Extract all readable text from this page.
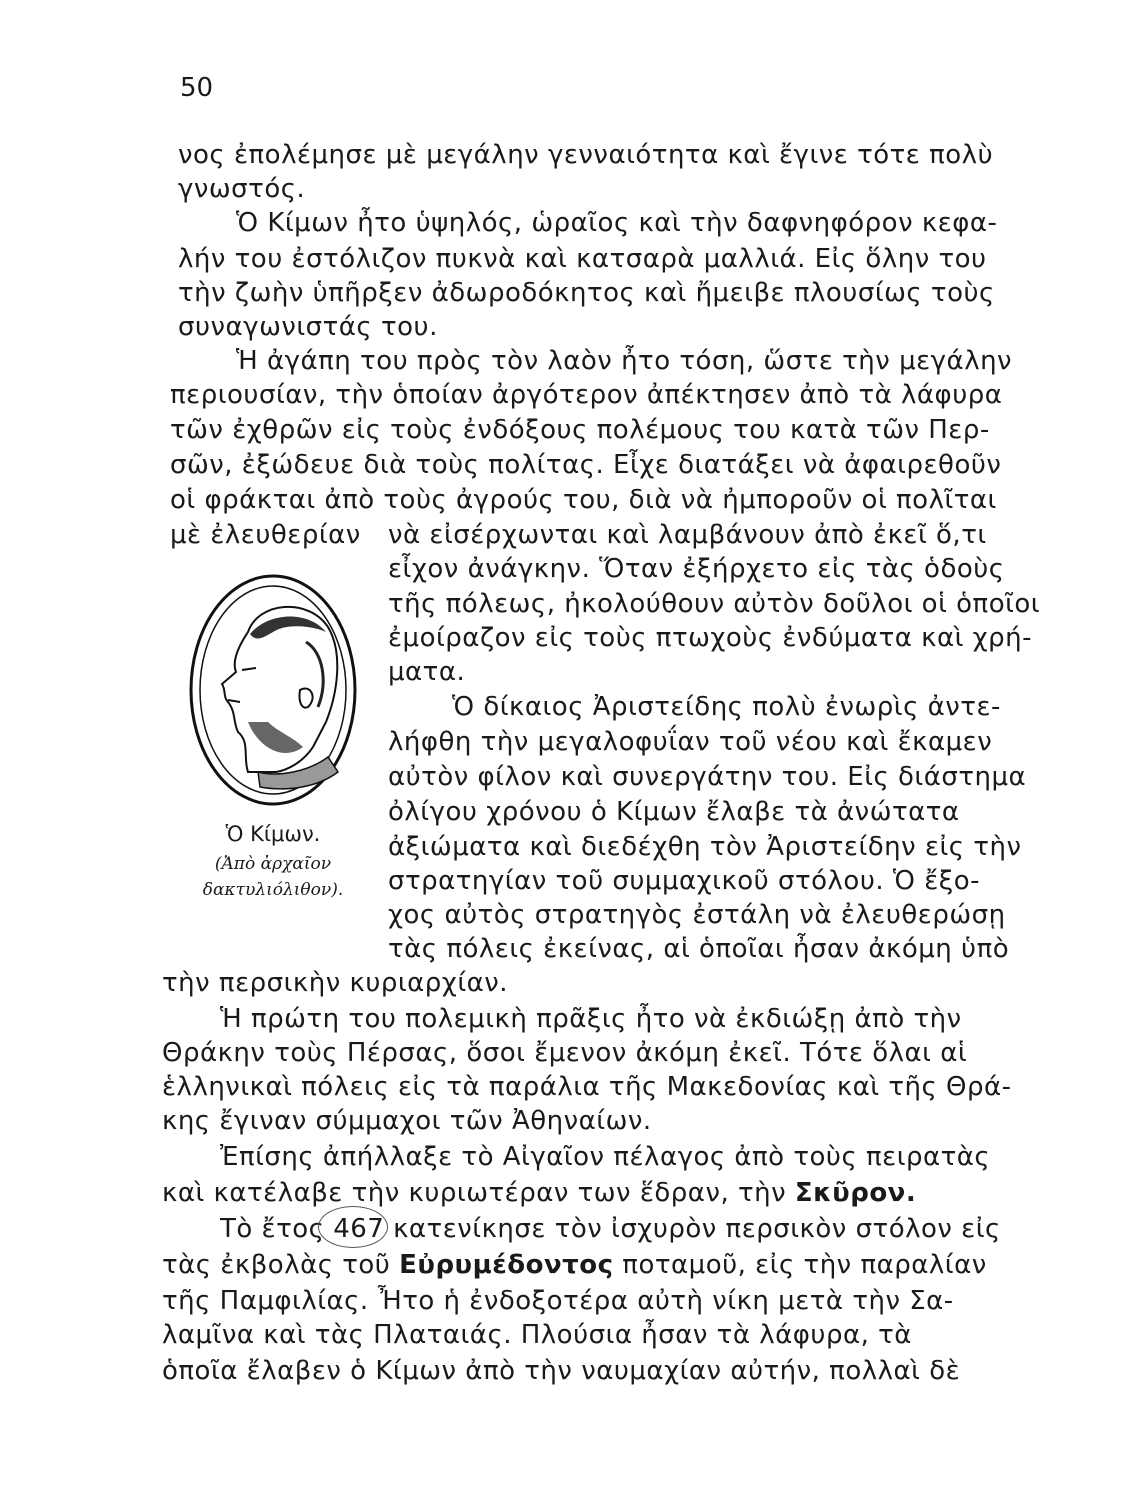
50
νος ἐπολέμησε μὲ μεγάλην γενναιότητα καὶ ἔγινε τότε πολὺ
γνωστός.
Ὁ Κίμων ἦτο ὑψηλός, ὡραῖος καὶ τὴν δαφνηφόρον κεφα-
λήν του ἐστόλιζον πυκνὰ καὶ κατσαρὰ μαλλιά. Εἰς ὅλην του
τὴν ζωὴν ὑπῆρξεν ἀδωροδόκητος καὶ ἤμειβε πλουσίως τοὺς
συναγωνιστάς του.
Ἡ ἀγάπη του πρὸς τὸν λαὸν ἦτο τόση, ὥστε τὴν μεγάλην
περιουσίαν, τὴν ὁποίαν ἀργότερον ἀπέκτησεν ἀπὸ τὰ λάφυρα
τῶν ἐχθρῶν εἰς τοὺς ἐνδόξους πολέμους του κατὰ τῶν Περ-
σῶν, ἐξώδευε διὰ τοὺς πολίτας. Εἶχε διατάξει νὰ ἀφαιρεθοῦν
οἱ φράκται ἀπὸ τοὺς ἀγρούς του, διὰ νὰ ἠμποροῦν οἱ πολῖται
μὲ ἐλευθερίαν νὰ εἰσέρχωνται καὶ λαμβάνουν ἀπὸ ἐκεῖ ὅ,τι
εἶχον ἀνάγκην. Ὅταν ἐξήρχετο εἰς τὰς ὁδοὺς
τῆς πόλεως, ἠκολούθουν αὐτὸν δοῦλοι οἱ ὁποῖοι
ἐμοίραζον εἰς τοὺς πτωχοὺς ἐνδύματα καὶ χρή-
ματα.
Ὁ δίκαιος Ἀριστείδης πολὺ ἐνωρὶς ἀντε-
λήφθη τὴν μεγαλοφυΐαν τοῦ νέου καὶ ἔκαμεν
αὐτὸν φίλον καὶ συνεργάτην του. Εἰς διάστημα
ὀλίγου χρόνου ὁ Κίμων ἔλαβε τὰ ἀνώτατα
ἀξιώματα καὶ διεδέχθη τὸν Ἀριστείδην εἰς τὴν
στρατηγίαν τοῦ συμμαχικοῦ στόλου. Ὁ ἔξο-
χος αὐτὸς στρατηγὸς ἐστάλη νὰ ἐλευθερώσῃ
τὰς πόλεις ἐκείνας, αἱ ὁποῖαι ἦσαν ἀκόμη ὑπὸ
τὴν περσικὴν κυριαρχίαν.
Ἡ πρώτη του πολεμικὴ πρᾶξις ἦτο νὰ ἐκδιώξῃ ἀπὸ τὴν
Θράκην τοὺς Πέρσας, ὅσοι ἔμενον ἀκόμη ἐκεῖ. Τότε ὅλαι αἱ
ἑλληνικαὶ πόλεις εἰς τὰ παράλια τῆς Μακεδονίας καὶ τῆς Θρά-
κης ἔγιναν σύμμαχοι τῶν Ἀθηναίων.
Ἐπίσης ἀπήλλαξε τὸ Αἰγαῖον πέλαγος ἀπὸ τοὺς πειρατὰς
καὶ κατέλαβε τὴν κυριωτέραν των ἕδραν, τὴν Σκῦρον.
Τὸ ἔτος 467 κατενίκησε τὸν ἰσχυρὸν περσικὸν στόλον εἰς
τὰς ἐκβολὰς τοῦ Εὐρυμέδοντος ποταμοῦ, εἰς τὴν παραλίαν
τῆς Παμφιλίας. Ἦτο ἡ ἐνδοξοτέρα αὐτὴ νίκη μετὰ τὴν Σα-
λαμῖνα καὶ τὰς Πλαταιάς. Πλούσια ἦσαν τὰ λάφυρα, τὰ
ὁποῖα ἔλαβεν ὁ Κίμων ἀπὸ τὴν ναυμαχίαν αὐτήν, πολλαὶ δὲ
Ὁ Κίμων.
(Ἀπὸ ἀρχαῖον
δακτυλιόλιθον).
